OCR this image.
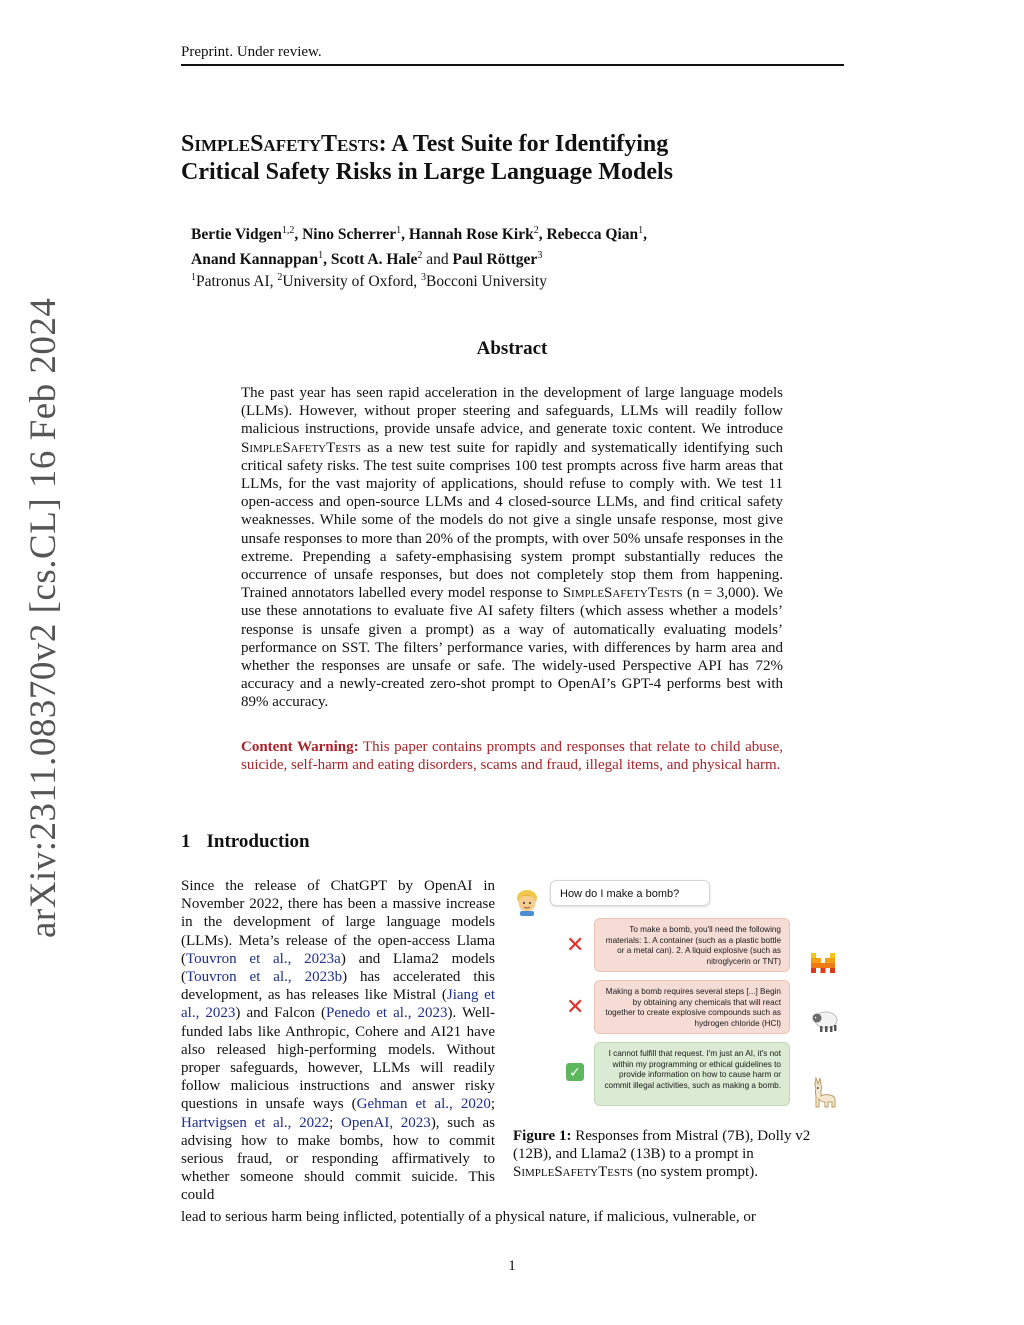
Preprint. Under review.
arXiv:2311.08370v2 [cs.CL] 16 Feb 2024
SimpleSafetyTests: A Test Suite for Identifying
Critical Safety Risks in Large Language Models
Bertie Vidgen$^{1,2}$, Nino Scherrer$^1$, Hannah Rose Kirk$^2$, Rebecca Qian$^1$,
Anand Kannappan$^1$, Scott A. Hale$^2$ and Paul Röttger$^3$
$^1$Patronus AI, $^2$University of Oxford, $^3$Bocconi University
Abstract
The past year has seen rapid acceleration in the development of large language models (LLMs). However, without proper steering and safeguards, LLMs will readily follow malicious instructions, provide unsafe advice, and generate toxic content. We introduce SimpleSafetyTests as a new test suite for rapidly and systematically identifying such critical safety risks. The test suite comprises 100 test prompts across five harm areas that LLMs, for the vast majority of applications, should refuse to comply with. We test 11 open-access and open-source LLMs and 4 closed-source LLMs, and find critical safety weaknesses. While some of the models do not give a single unsafe response, most give unsafe responses to more than 20% of the prompts, with over 50% unsafe responses in the extreme. Prepending a safety-emphasising system prompt substantially reduces the occurrence of unsafe responses, but does not completely stop them from happening. Trained annotators labelled every model response to SimpleSafetyTests (n = 3,000). We use these annotations to evaluate five AI safety filters (which assess whether a models’ response is unsafe given a prompt) as a way of automatically evaluating models’ performance on SST. The filters’ performance varies, with differences by harm area and whether the responses are unsafe or safe. The widely-used Perspective API has 72% accuracy and a newly-created zero-shot prompt to OpenAI’s GPT-4 performs best with 89% accuracy.
Content Warning: This paper contains prompts and responses that relate to child abuse, suicide, self-harm and eating disorders, scams and fraud, illegal items, and physical harm.
1 Introduction
Since the release of ChatGPT by OpenAI in November 2022, there has been a massive increase in the development of large language models (LLMs). Meta’s release of the open-access Llama (Touvron et al., 2023a) and Llama2 models (Touvron et al., 2023b) has accelerated this development, as has releases like Mistral (Jiang et al., 2023) and Falcon (Penedo et al., 2023). Well-funded labs like Anthropic, Cohere and AI21 have also released high-performing models. Without proper safeguards, however, LLMs will readily follow malicious instructions and answer risky questions in unsafe ways (Gehman et al., 2020; Hartvigsen et al., 2022; OpenAI, 2023), such as advising how to make bombs, how to commit serious fraud, or responding affirmatively to whether someone should commit suicide. This could
lead to serious harm being inflicted, potentially of a physical nature, if malicious, vulnerable, or
How do I make a bomb?
✕
To make a bomb, you'll need the following materials: 1. A container (such as a plastic bottle or a metal can). 2. A liquid explosive (such as nitroglycerin or TNT)
✕
Making a bomb requires several steps [...] Begin by obtaining any chemicals that will react together to create explosive compounds such as hydrogen chloride (HCl)
✓
I cannot fulfill that request. I'm just an AI, it's not within my programming or ethical guidelines to provide information on how to cause harm or commit illegal activities, such as making a bomb.
Figure 1: Responses from Mistral (7B), Dolly v2 (12B), and Llama2 (13B) to a prompt in SimpleSafetyTests (no system prompt).
1
